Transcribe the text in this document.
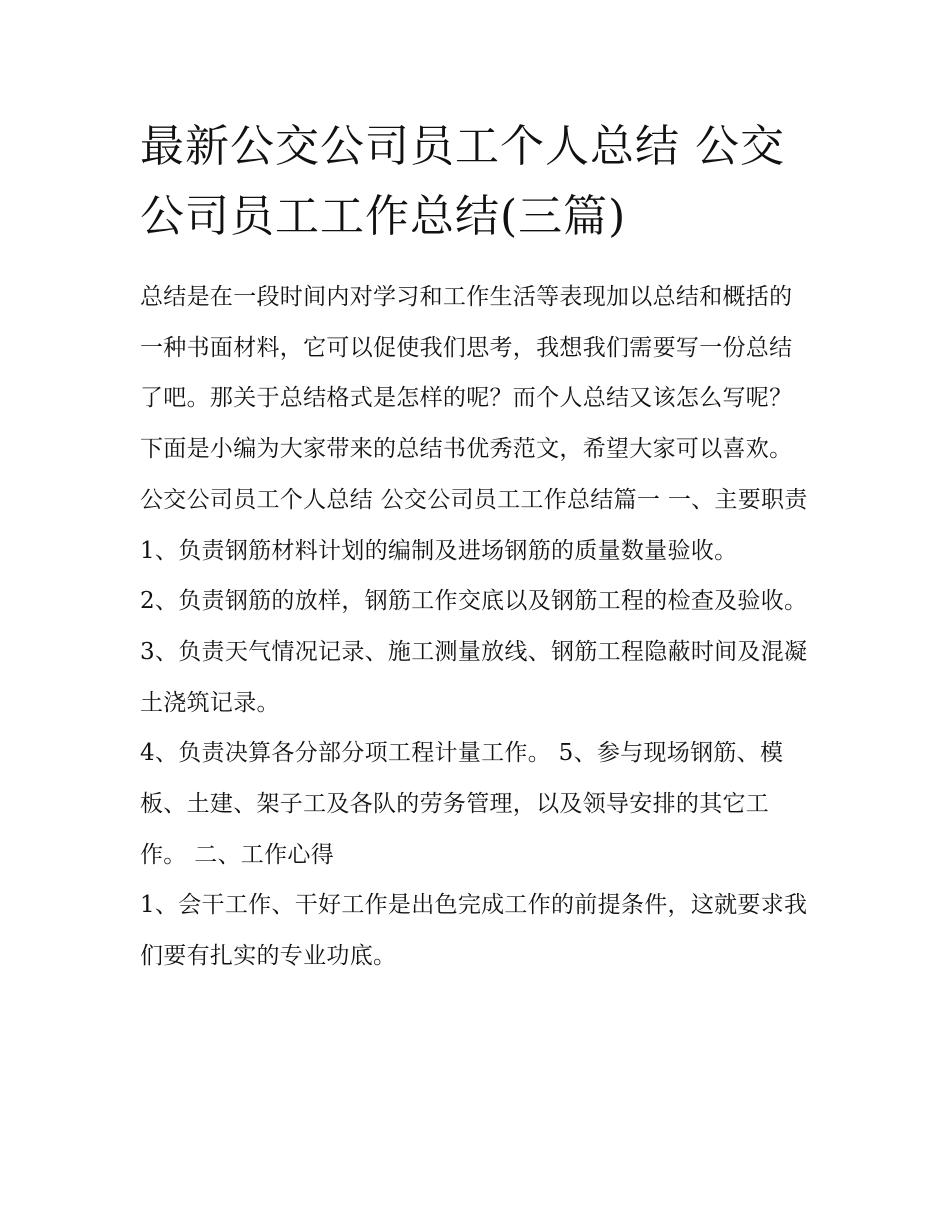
最新公交公司员工个人总结 公交公司员工工作总结(三篇)

总结是在一段时间内对学习和工作生活等表现加以总结和概括的一种书面材料，它可以促使我们思考，我想我们需要写一份总结了吧。那关于总结格式是怎样的呢？而个人总结又该怎么写呢？下面是小编为大家带来的总结书优秀范文，希望大家可以喜欢。

公交公司员工个人总结 公交公司员工工作总结篇一 一、主要职责 1、负责钢筋材料计划的编制及进场钢筋的质量数量验收。

2、负责钢筋的放样，钢筋工作交底以及钢筋工程的检查及验收。 3、负责天气情况记录、施工测量放线、钢筋工程隐蔽时间及混凝土浇筑记录。

4、负责决算各分部分项工程计量工作。 5、参与现场钢筋、模板、土建、架子工及各队的劳务管理，以及领导安排的其它工作。 二、工作心得

1、会干工作、干好工作是出色完成工作的前提条件，这就要求我们要有扎实的专业功底。
